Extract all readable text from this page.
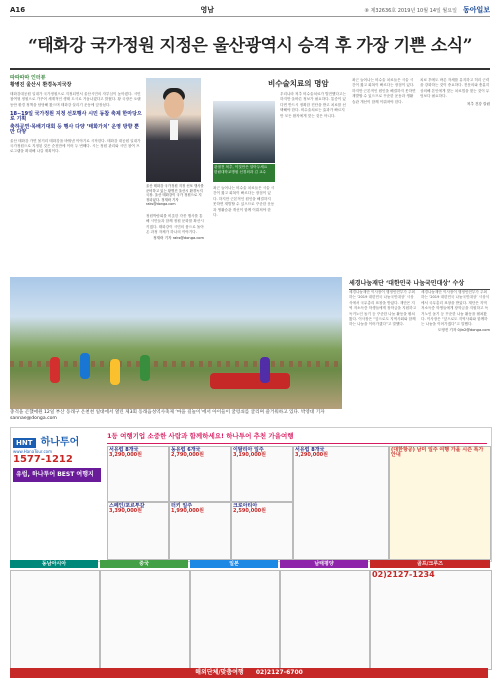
A16	영남	⑧ 제32636호 2019년 10월 14일 월요일 동아일보
“태화강 국가정원 지정은 울산광역시 승격 후 가장 기쁜 소식”
따따따따 인터뷰
황병진 울산시 환경녹지국장
태화강대공원 일대가 국가정원으로 지정되면서 울산시민의 자부심이 높아졌다. 시민 참여형 정원으로 가꾸어 세계적인 생태 도시로 거듭나겠다고 밝혔다. 황 국장은 오랫동안 환경 정책을 담당해 왔으며 태화강 살리기 운동에 앞장섰다.
18∼19일 국가정원 지정 선포행사 시민 동참 축제 한마당으로 기획
축하공연·목배기대회 등 행사 다양 ‘태화가치’ 운영 방향 뿐만 다양
울산 태화강 가면 볼거리 태화강을 바꿔낸 이야기로 시작한다. 태화강 대공원 일대가 국가정원으로 지정된 것은 순천만에 이어 두 번째다. 시는 정원 관리와 시민 참여 프로그램을 확대해 나갈 계획이다.
울산 태화강 국가정원 지정 선포 행사를 준비하고 있는 황병진 울산시 환경녹지국장. 울산 태화강이 국가 정원으로 지정되었다. 정재락 기자 raks@donga.com
정원박람회를 비롯한 각종 행사를 통해 시민들과 함께 정원 문화를 확산시키겠다. 태화강이 시민의 품으로 돌아온 과정 자체가 하나의 이야기다.
정재락 기자 raks@donga.com
비수술치료의 명암
관절전 척추, 이것만은 알아두세요
한림대학교병원 신경외과 김 교수
우리나라 척추 비수술치료가 발전했다고는 하지만 올바른 정보가 필요하다. 통증이 있다면 반드시 정확한 진단을 받고 치료를 선택해야 한다. 비수술치료는 효과가 빠르지만 모든 환자에게 맞는 것은 아니다.
최근 늘어나는 비수술 치료들은 시술 시간이 짧고 회복이 빠르다는 장점이 있다. 하지만 근본적인 원인을 해결하지 못하면 재발할 수 있으므로 꾸준한 운동과 생활습관 개선이 함께 이뤄져야 한다.
치료 후에도 바른 자세를 유지하고 허리 근력을 강화하는 것이 중요하다. 전문의와 충분히 상의해 본인에게 맞는 치료법을 찾는 것이 무엇보다 필요하다.
척추 건강 칼럼
최근 늘어나는 비수술 치료들은 시술 시간이 짧고 회복이 빠르다는 장점이 있다. 하지만 근본적인 원인을 해결하지 못하면 재발할 수 있으므로 꾸준한 운동과 생활습관 개선이 함께 이뤄져야 한다.
충격을 곤했애원 12일 부산 동래구 온천천 일대에서 열린 제3회 동래읍성역사축제 ‘마을 길놀이’에서 아이들이 굴렁쇠를 굴리며 즐거워하고 있다. 박영대 기자 sannae@donga.com
세경나눔재단 ‘대한민국 나눔국민대상’ 수상
세경나눔재단 이사장이 행정안전부가 주최하는 ‘2019 대한민국 나눔국민대상’ 시상식에서 국무총리 표창을 받았다. 재단은 지역 저소득층 학생들에게 장학금을 지원하고 독거노인 돕기 등 꾸준한 나눔 활동을 펼쳐왔다. 이사장은 “앞으로도 지역사회와 함께하는 나눔을 이어가겠다”고 말했다.
세경나눔재단 이사장이 행정안전부가 주최하는 ‘2019 대한민국 나눔국민대상’ 시상식에서 국무총리 표창을 받았다. 재단은 지역 저소득층 학생들에게 장학금을 지원하고 독거노인 돕기 등 꾸준한 나눔 활동을 펼쳐왔다. 이사장은 “앞으로도 지역사회와 함께하는 나눔을 이어가겠다”고 말했다.
도영진 기자 0jin2@donga.com
HNT 하나투어
www.HanaTour.com
1577-1212
유럽, 하나투어 BEST 여행지
1등 여행기업 소중한 사람과 함께하세요! 하나투어 추천 가을여행
서유럽 8개국
3,290,000원
동유럽 6개국
2,790,000원
이탈리아 일주
3,190,000원
스페인/포르투갈
3,390,000원
터키 일주
1,990,000원
크로아티아
2,590,000원
서유럽 8개국
3,290,000원
(대한항공) 남미 일주 여행 가을 시즌 특가 안내
동남아시아	중국	일본	남태평양	골프/크루즈
02)2127-1234
해외단체/맞춤여행 02)2127-6700
